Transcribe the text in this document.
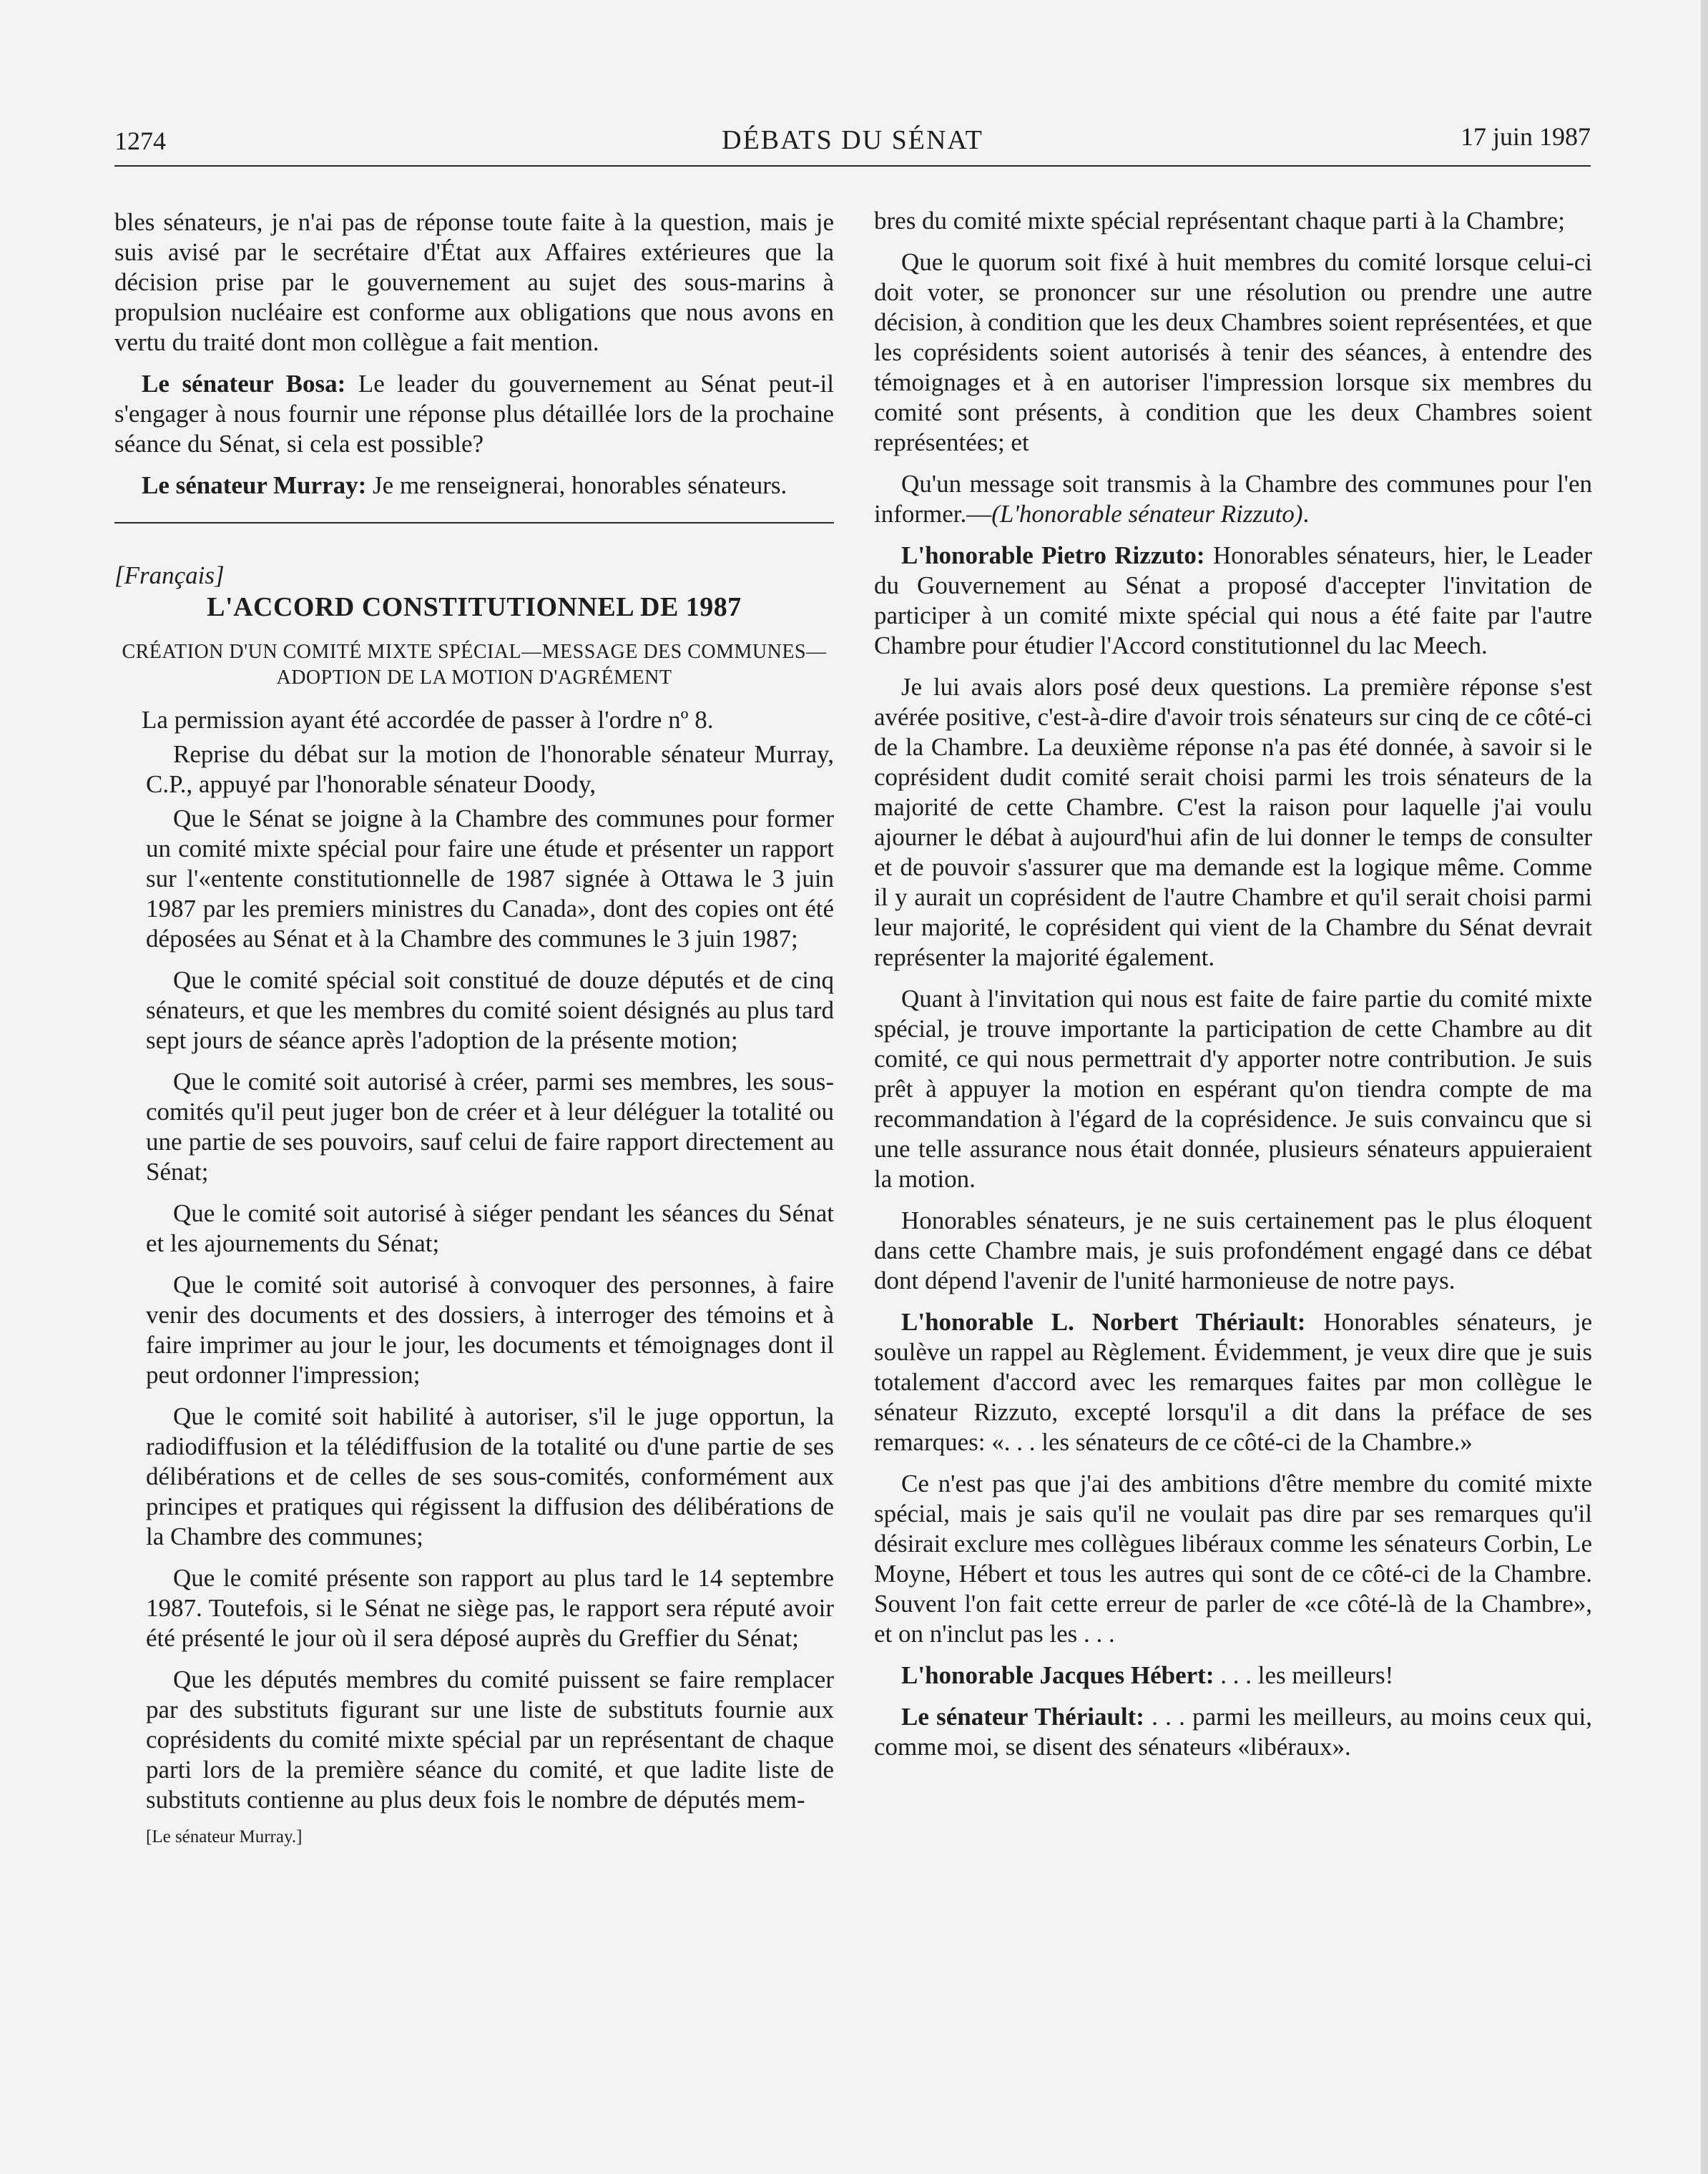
1274	DÉBATS DU SÉNAT	17 juin 1987

bles sénateurs, je n'ai pas de réponse toute faite à la question, mais je suis avisé par le secrétaire d'État aux Affaires extérieures que la décision prise par le gouvernement au sujet des sous-marins à propulsion nucléaire est conforme aux obligations que nous avons en vertu du traité dont mon collègue a fait mention.

Le sénateur Bosa: Le leader du gouvernement au Sénat peut-il s'engager à nous fournir une réponse plus détaillée lors de la prochaine séance du Sénat, si cela est possible?

Le sénateur Murray: Je me renseignerai, honorables sénateurs.

[Français]

L'ACCORD CONSTITUTIONNEL DE 1987

CRÉATION D'UN COMITÉ MIXTE SPÉCIAL—MESSAGE DES COMMUNES—ADOPTION DE LA MOTION D'AGRÉMENT

La permission ayant été accordée de passer à l'ordre nº 8.

Reprise du débat sur la motion de l'honorable sénateur Murray, C.P., appuyé par l'honorable sénateur Doody,

Que le Sénat se joigne à la Chambre des communes pour former un comité mixte spécial pour faire une étude et présenter un rapport sur l'«entente constitutionnelle de 1987 signée à Ottawa le 3 juin 1987 par les premiers ministres du Canada», dont des copies ont été déposées au Sénat et à la Chambre des communes le 3 juin 1987;

Que le comité spécial soit constitué de douze députés et de cinq sénateurs, et que les membres du comité soient désignés au plus tard sept jours de séance après l'adoption de la présente motion;

Que le comité soit autorisé à créer, parmi ses membres, les sous-comités qu'il peut juger bon de créer et à leur déléguer la totalité ou une partie de ses pouvoirs, sauf celui de faire rapport directement au Sénat;

Que le comité soit autorisé à siéger pendant les séances du Sénat et les ajournements du Sénat;

Que le comité soit autorisé à convoquer des personnes, à faire venir des documents et des dossiers, à interroger des témoins et à faire imprimer au jour le jour, les documents et témoignages dont il peut ordonner l'impression;

Que le comité soit habilité à autoriser, s'il le juge opportun, la radiodiffusion et la télédiffusion de la totalité ou d'une partie de ses délibérations et de celles de ses sous-comités, conformément aux principes et pratiques qui régissent la diffusion des délibérations de la Chambre des communes;

Que le comité présente son rapport au plus tard le 14 septembre 1987. Toutefois, si le Sénat ne siège pas, le rapport sera réputé avoir été présenté le jour où il sera déposé auprès du Greffier du Sénat;

Que les députés membres du comité puissent se faire remplacer par des substituts figurant sur une liste de substituts fournie aux coprésidents du comité mixte spécial par un représentant de chaque parti lors de la première séance du comité, et que ladite liste de substituts contienne au plus deux fois le nombre de députés mem-

[Le sénateur Murray.]

bres du comité mixte spécial représentant chaque parti à la Chambre;

Que le quorum soit fixé à huit membres du comité lorsque celui-ci doit voter, se prononcer sur une résolution ou prendre une autre décision, à condition que les deux Chambres soient représentées, et que les coprésidents soient autorisés à tenir des séances, à entendre des témoignages et à en autoriser l'impression lorsque six membres du comité sont présents, à condition que les deux Chambres soient représentées; et

Qu'un message soit transmis à la Chambre des communes pour l'en informer.—(L'honorable sénateur Rizzuto).

L'honorable Pietro Rizzuto: Honorables sénateurs, hier, le Leader du Gouvernement au Sénat a proposé d'accepter l'invitation de participer à un comité mixte spécial qui nous a été faite par l'autre Chambre pour étudier l'Accord constitutionnel du lac Meech.

Je lui avais alors posé deux questions. La première réponse s'est avérée positive, c'est-à-dire d'avoir trois sénateurs sur cinq de ce côté-ci de la Chambre. La deuxième réponse n'a pas été donnée, à savoir si le coprésident dudit comité serait choisi parmi les trois sénateurs de la majorité de cette Chambre. C'est la raison pour laquelle j'ai voulu ajourner le débat à aujourd'hui afin de lui donner le temps de consulter et de pouvoir s'assurer que ma demande est la logique même. Comme il y aurait un coprésident de l'autre Chambre et qu'il serait choisi parmi leur majorité, le coprésident qui vient de la Chambre du Sénat devrait représenter la majorité également.

Quant à l'invitation qui nous est faite de faire partie du comité mixte spécial, je trouve importante la participation de cette Chambre au dit comité, ce qui nous permettrait d'y apporter notre contribution. Je suis prêt à appuyer la motion en espérant qu'on tiendra compte de ma recommandation à l'égard de la coprésidence. Je suis convaincu que si une telle assurance nous était donnée, plusieurs sénateurs appuieraient la motion.

Honorables sénateurs, je ne suis certainement pas le plus éloquent dans cette Chambre mais, je suis profondément engagé dans ce débat dont dépend l'avenir de l'unité harmonieuse de notre pays.

L'honorable L. Norbert Thériault: Honorables sénateurs, je soulève un rappel au Règlement. Évidemment, je veux dire que je suis totalement d'accord avec les remarques faites par mon collègue le sénateur Rizzuto, excepté lorsqu'il a dit dans la préface de ses remarques: «. . . les sénateurs de ce côté-ci de la Chambre.»

Ce n'est pas que j'ai des ambitions d'être membre du comité mixte spécial, mais je sais qu'il ne voulait pas dire par ses remarques qu'il désirait exclure mes collègues libéraux comme les sénateurs Corbin, Le Moyne, Hébert et tous les autres qui sont de ce côté-ci de la Chambre. Souvent l'on fait cette erreur de parler de «ce côté-là de la Chambre», et on n'inclut pas les . . .

L'honorable Jacques Hébert: . . . les meilleurs!

Le sénateur Thériault: . . . parmi les meilleurs, au moins ceux qui, comme moi, se disent des sénateurs «libéraux».
